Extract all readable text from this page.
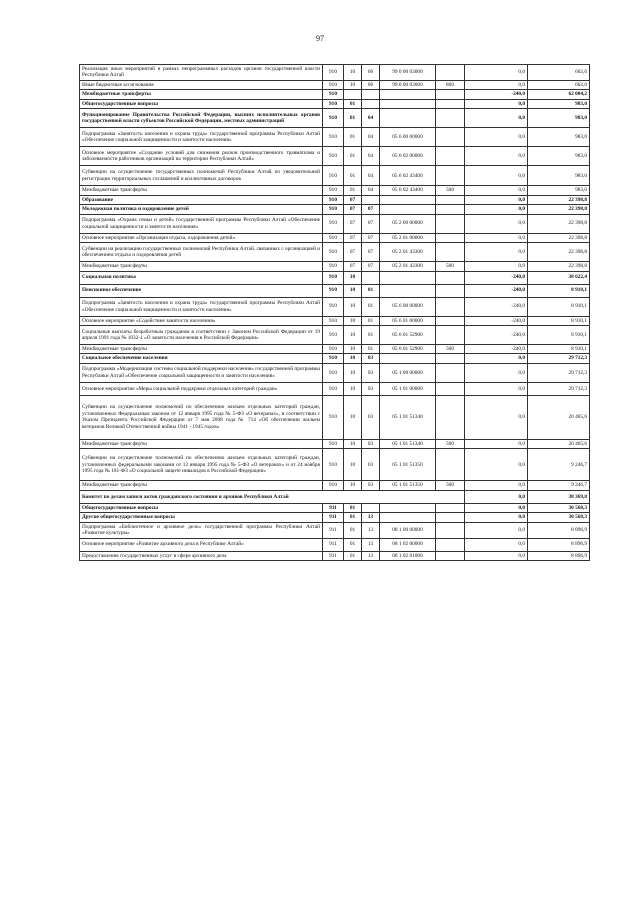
97
Реализация иных мероприятий в рамках непрограммных расходов органов государственной власти Республики Алтай	910	10	06	99 0 00 03000		0,0	602,0
Иные бюджетные ассигнования	910	10	06	99 0 00 03000	800	0,0	602,0
Межбюджетные трансферты	910					-240,0	62 004,2
Общегосударственные вопросы	910	01				0,0	983,0
Функционирование Правительства Российской Федерации, высших исполнительных органов государственной власти субъектов Российской Федерации, местных администраций	910	01	04			0,0	983,0
Подпрограмма «Занятость населения и охрана труда» государственной программы Республики Алтай «Обеспечение социальной защищенности и занятости населения»	910	01	04	05 6 00 00000		0,0	983,0
Основное мероприятие «Создание условий для снижения рисков производственного травматизма и заболеваемости работников организаций на территории Республики Алтай»	910	01	04	05 6 02 00000		0,0	983,0
Субвенции на осуществление государственных полномочий Республики Алтай по уведомительной регистрации территориальных соглашений и коллективных договоров	910	01	04	05 6 02 43400		0,0	983,0
Межбюджетные трансферты	910	01	04	05 6 02 43400	500	0,0	983,0
Образование	910	07				0,0	22 398,8
Молодежная политика и оздоровление детей	910	07	07			0,0	22 398,8
Подпрограмма «Охрана семьи и детей» государственной программы Республики Алтай «Обеспечение социальной защищенности и занятости населения»	910	07	07	05 2 00 00000		0,0	22 398,8
Основное мероприятие «Организация отдыха, оздоровления детей»	910	07	07	05 2 01 00000		0,0	22 398,8
Субвенции на реализацию государственных полномочий Республики Алтай, связанных с организацией и обеспечением отдыха и оздоровления детей	910	07	07	05 2 01 43300		0,0	22 398,8
Межбюджетные трансферты	910	07	07	05 2 01 43300	500	0,0	22 398,8
Социальная политика	910	10				-240,0	38 622,4
Пенсионное обеспечение	910	10	01			-240,0	8 910,1
Подпрограмма «Занятость населения и охрана труда» государственной программы Республики Алтай «Обеспечение социальной защищенности и занятости населения»	910	10	01	05 6 00 00000		-240,0	8 910,1
Основное мероприятие «Содействие занятости населения»	910	10	01	05 6 01 00000		-240,0	8 910,1
Социальные выплаты безработным гражданам в соответствии с Законом Российской Федерации от 19 апреля 1991 года № 1032-1 «О занятости населения в Российской Федерации»	910	10	01	05 6 01 52900		-240,0	8 910,1
Межбюджетные трансферты	910	10	01	05 6 01 52900	500	-240,0	8 910,1
Социальное обеспечение населения	910	10	03			0,0	29 712,3
Подпрограмма «Модернизация системы социальной поддержки населения» государственной программы Республики Алтай «Обеспечение социальной защищенности и занятости населения»	910	10	03	05 1 00 00000		0,0	29 712,3
Основное мероприятие «Меры социальной поддержки отдельных категорий граждан»	910	10	03	05 1 01 00000		0,0	29 712,3
Субвенции на осуществление полномочий по обеспечению жильем отдельных категорий граждан, установленных Федеральным законом от 12 января 1995 года № 5-ФЗ «О ветеранах», в соответствии с Указом Президента Российской Федерации от 7 мая 2008 года № 714 «Об обеспечении жильем ветеранов Великой Отечественной войны 1941 - 1945 годов»	910	10	03	05 1 01 51340		0,0	20 465,6
Межбюджетные трансферты	910	10	03	05 1 01 51340	500	0,0	20 465,6
Субвенции на осуществление полномочий по обеспечению жильем отдельных категорий граждан, установленных федеральными законами от 12 января 1995 года № 5-ФЗ «О ветеранах» и от 24 ноября 1995 года № 181-ФЗ «О социальной защите инвалидов в Российской Федерации»	910	10	03	05 1 01 51350		0,0	9 246,7
Межбюджетные трансферты	910	10	03	05 1 01 51350	500	0,0	9 246,7
Комитет по делам записи актов гражданского состояния и архивов Республики Алтай						0,0	38 369,8
Общегосударственные вопросы	911	01				0,0	30 568,3
Другие общегосударственные вопросы	911	01	13			0,0	30 568,3
Подпрограмма «Библиотечное и архивное дело» государственной программы Республики Алтай «Развитие культуры»	911	01	13	08 1 00 00000		0,0	8 896,9
Основное мероприятие «Развитие архивного дела в Республике Алтай»	911	01	13	08 1 02 00000		0,0	8 896,9
Предоставление государственных услуг в сфере архивного дела	911	01	13	08 1 02 01000		0,0	8 896,9
